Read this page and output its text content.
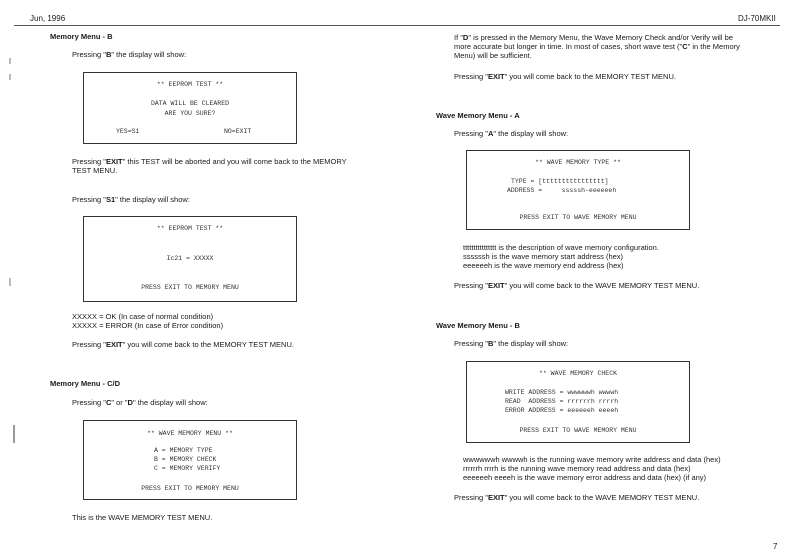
Jun, 1996	DJ-70MKII
Memory Menu - B
Pressing "B" the display will show:
** EEPROM TEST **
DATA WILL BE CLEARED
ARE YOU SURE?
YES=S1	NO=EXIT
Pressing "EXIT" this TEST will be aborted and you will come back to the MEMORY
TEST MENU.
Pressing "S1" the display will show:
** EEPROM TEST **
Ic21 = XXXXX
PRESS EXIT TO MEMORY MENU
XXXXX = OK (In case of normal condition)
XXXXX = ERROR (In case of Error condition)
Pressing "EXIT" you will come back to the MEMORY TEST MENU.
Memory Menu - C/D
Pressing "C" or "D" the display will show:
** WAVE MEMORY MENU **
A = MEMORY TYPE
B = MEMORY CHECK
C = MEMORY VERIFY
PRESS EXIT TO MEMORY MENU
This is the WAVE MEMORY TEST MENU.
If "D" is pressed in the Memory Menu, the Wave Memory Check and/or Verify will be
more accurate but longer in time. In most of cases, short wave test ("C" in the Memory
Menu) will be sufficient.
Pressing "EXIT" you will come back to the MEMORY TEST MENU.
Wave Memory Menu - A
Pressing "A" the display will show:
** WAVE MEMORY TYPE **
TYPE = [tttttttttttttttt]
ADDRESS =     sssssh-eeeeeeh
PRESS EXIT TO WAVE MEMORY MENU
tttttttttttttttt is the description of wave memory configuration.
ssssssh is the wave memory start address (hex)
eeeeeeh is the wave memory end address (hex)
Pressing "EXIT" you will come back to the WAVE MEMORY TEST MENU.
Wave Memory Menu - B
Pressing "B" the display will show:
** WAVE MEMORY CHECK
WRITE ADDRESS = wwwwwwh wwwwh
READ  ADDRESS = rrrrrrh rrrrh
ERROR ADDRESS = eeeeeeh eeeeh
PRESS EXIT TO WAVE MEMORY MENU
wwwwwwh wwwwh is the running wave memory write address and data (hex)
rrrrrrh rrrrh is the running wave memory read address and data (hex)
eeeeeeh eeeeh is the wave memory error address and data (hex) (if any)
Pressing "EXIT" you will come back to the WAVE MEMORY TEST MENU.
7
